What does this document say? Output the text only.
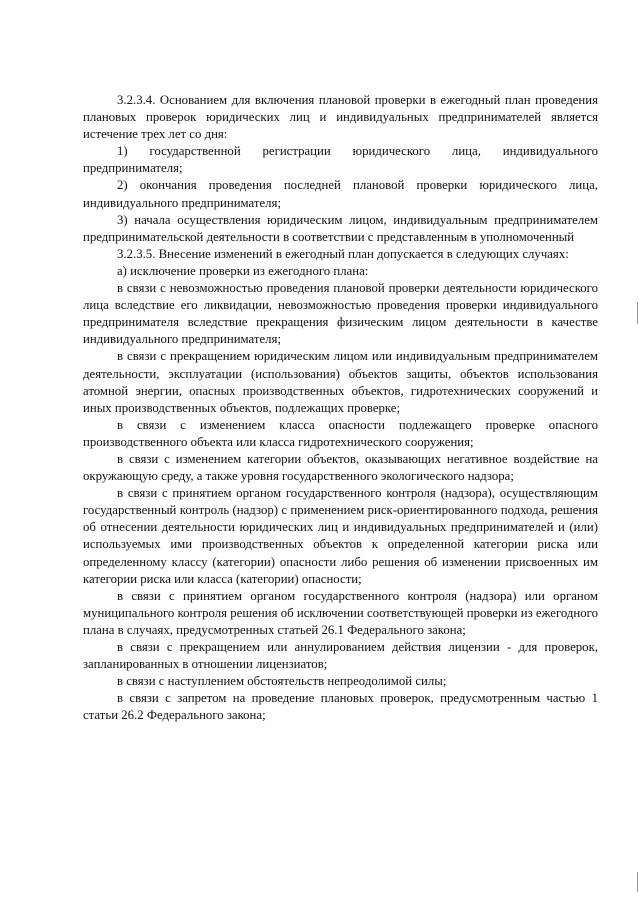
3.2.3.4. Основанием для включения плановой проверки в ежегодный план проведения плановых проверок юридических лиц и индивидуальных предпринимателей является истечение трех лет со дня:

1) государственной регистрации юридического лица, индивидуального предпринимателя;

2) окончания проведения последней плановой проверки юридического лица, индивидуального предпринимателя;

3) начала осуществления юридическим лицом, индивидуальным предпринимателем предпринимательской деятельности в соответствии с представленным в уполномоченный

3.2.3.5. Внесение изменений в ежегодный план допускается в следующих случаях:

а) исключение проверки из ежегодного плана:

в связи с невозможностью проведения плановой проверки деятельности юридического лица вследствие его ликвидации, невозможностью проведения проверки индивидуального предпринимателя вследствие прекращения физическим лицом деятельности в качестве индивидуального предпринимателя;

в связи с прекращением юридическим лицом или индивидуальным предпринимателем деятельности, эксплуатации (использования) объектов защиты, объектов использования атомной энергии, опасных производственных объектов, гидротехнических сооружений и иных производственных объектов, подлежащих проверке;

в связи с изменением класса опасности подлежащего проверке опасного производственного объекта или класса гидротехнического сооружения;

в связи с изменением категории объектов, оказывающих негативное воздействие на окружающую среду, а также уровня государственного экологического надзора;

в связи с принятием органом государственного контроля (надзора), осуществляющим государственный контроль (надзор) с применением риск-ориентированного подхода, решения об отнесении деятельности юридических лиц и индивидуальных предпринимателей и (или) используемых ими производственных объектов к определенной категории риска или определенному классу (категории) опасности либо решения об изменении присвоенных им категории риска или класса (категории) опасности;

в связи с принятием органом государственного контроля (надзора) или органом муниципального контроля решения об исключении соответствующей проверки из ежегодного плана в случаях, предусмотренных статьей 26.1 Федерального закона;

в связи с прекращением или аннулированием действия лицензии - для проверок, запланированных в отношении лицензиатов;

в связи с наступлением обстоятельств непреодолимой силы;

в связи с запретом на проведение плановых проверок, предусмотренным частью 1 статьи 26.2 Федерального закона;
